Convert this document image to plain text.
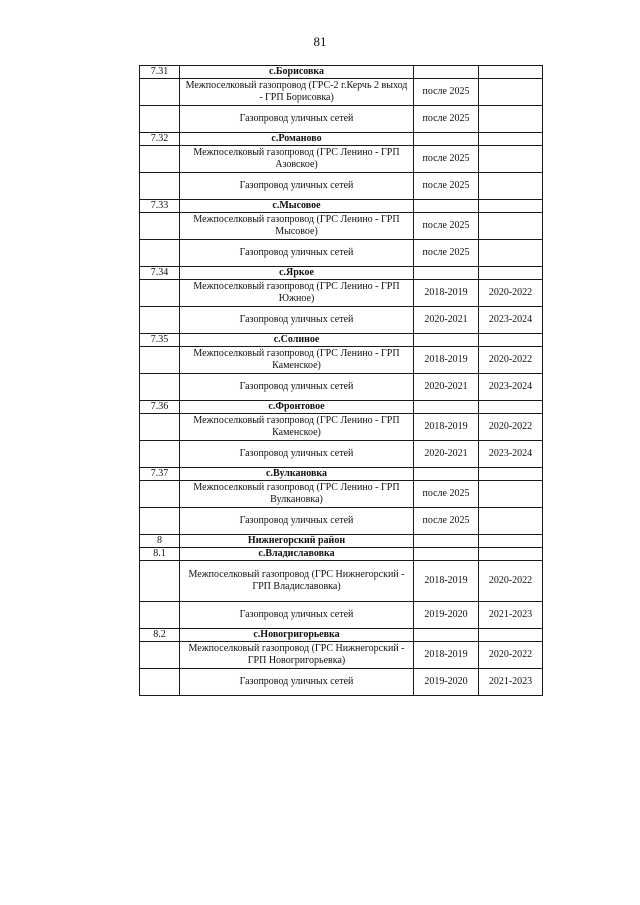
81
7.31	с.Борисовка		
	Межпоселковый газопровод (ГРС-2 г.Керчь 2 выход - ГРП Борисовка)	после 2025	
	Газопровод уличных сетей	после 2025	
7.32	с.Романово		
	Межпоселковый газопровод (ГРС Ленино - ГРП Азовское)	после 2025	
	Газопровод уличных сетей	после 2025	
7.33	с.Мысовое		
	Межпоселковый газопровод (ГРС Ленино - ГРП Мысовое)	после 2025	
	Газопровод уличных сетей	после 2025	
7.34	с.Яркое		
	Межпоселковый газопровод (ГРС Ленино - ГРП Южное)	2018-2019	2020-2022
	Газопровод уличных сетей	2020-2021	2023-2024
7.35	с.Солиное		
	Межпоселковый газопровод (ГРС Ленино - ГРП Каменское)	2018-2019	2020-2022
	Газопровод уличных сетей	2020-2021	2023-2024
7.36	с.Фронтовое		
	Межпоселковый газопровод (ГРС Ленино - ГРП Каменское)	2018-2019	2020-2022
	Газопровод уличных сетей	2020-2021	2023-2024
7.37	с.Вулкановка		
	Межпоселковый газопровод (ГРС Ленино - ГРП Вулкановка)	после 2025	
	Газопровод уличных сетей	после 2025	
8	Нижнегорский район		
8.1	с.Владиславовка		
	Межпоселковый газопровод (ГРС Нижнегорский - ГРП Владиславовка)	2018-2019	2020-2022
	Газопровод уличных сетей	2019-2020	2021-2023
8.2	с.Новогригорьевка		
	Межпоселковый газопровод (ГРС Нижнегорский - ГРП Новогригорьевка)	2018-2019	2020-2022
	Газопровод уличных сетей	2019-2020	2021-2023
